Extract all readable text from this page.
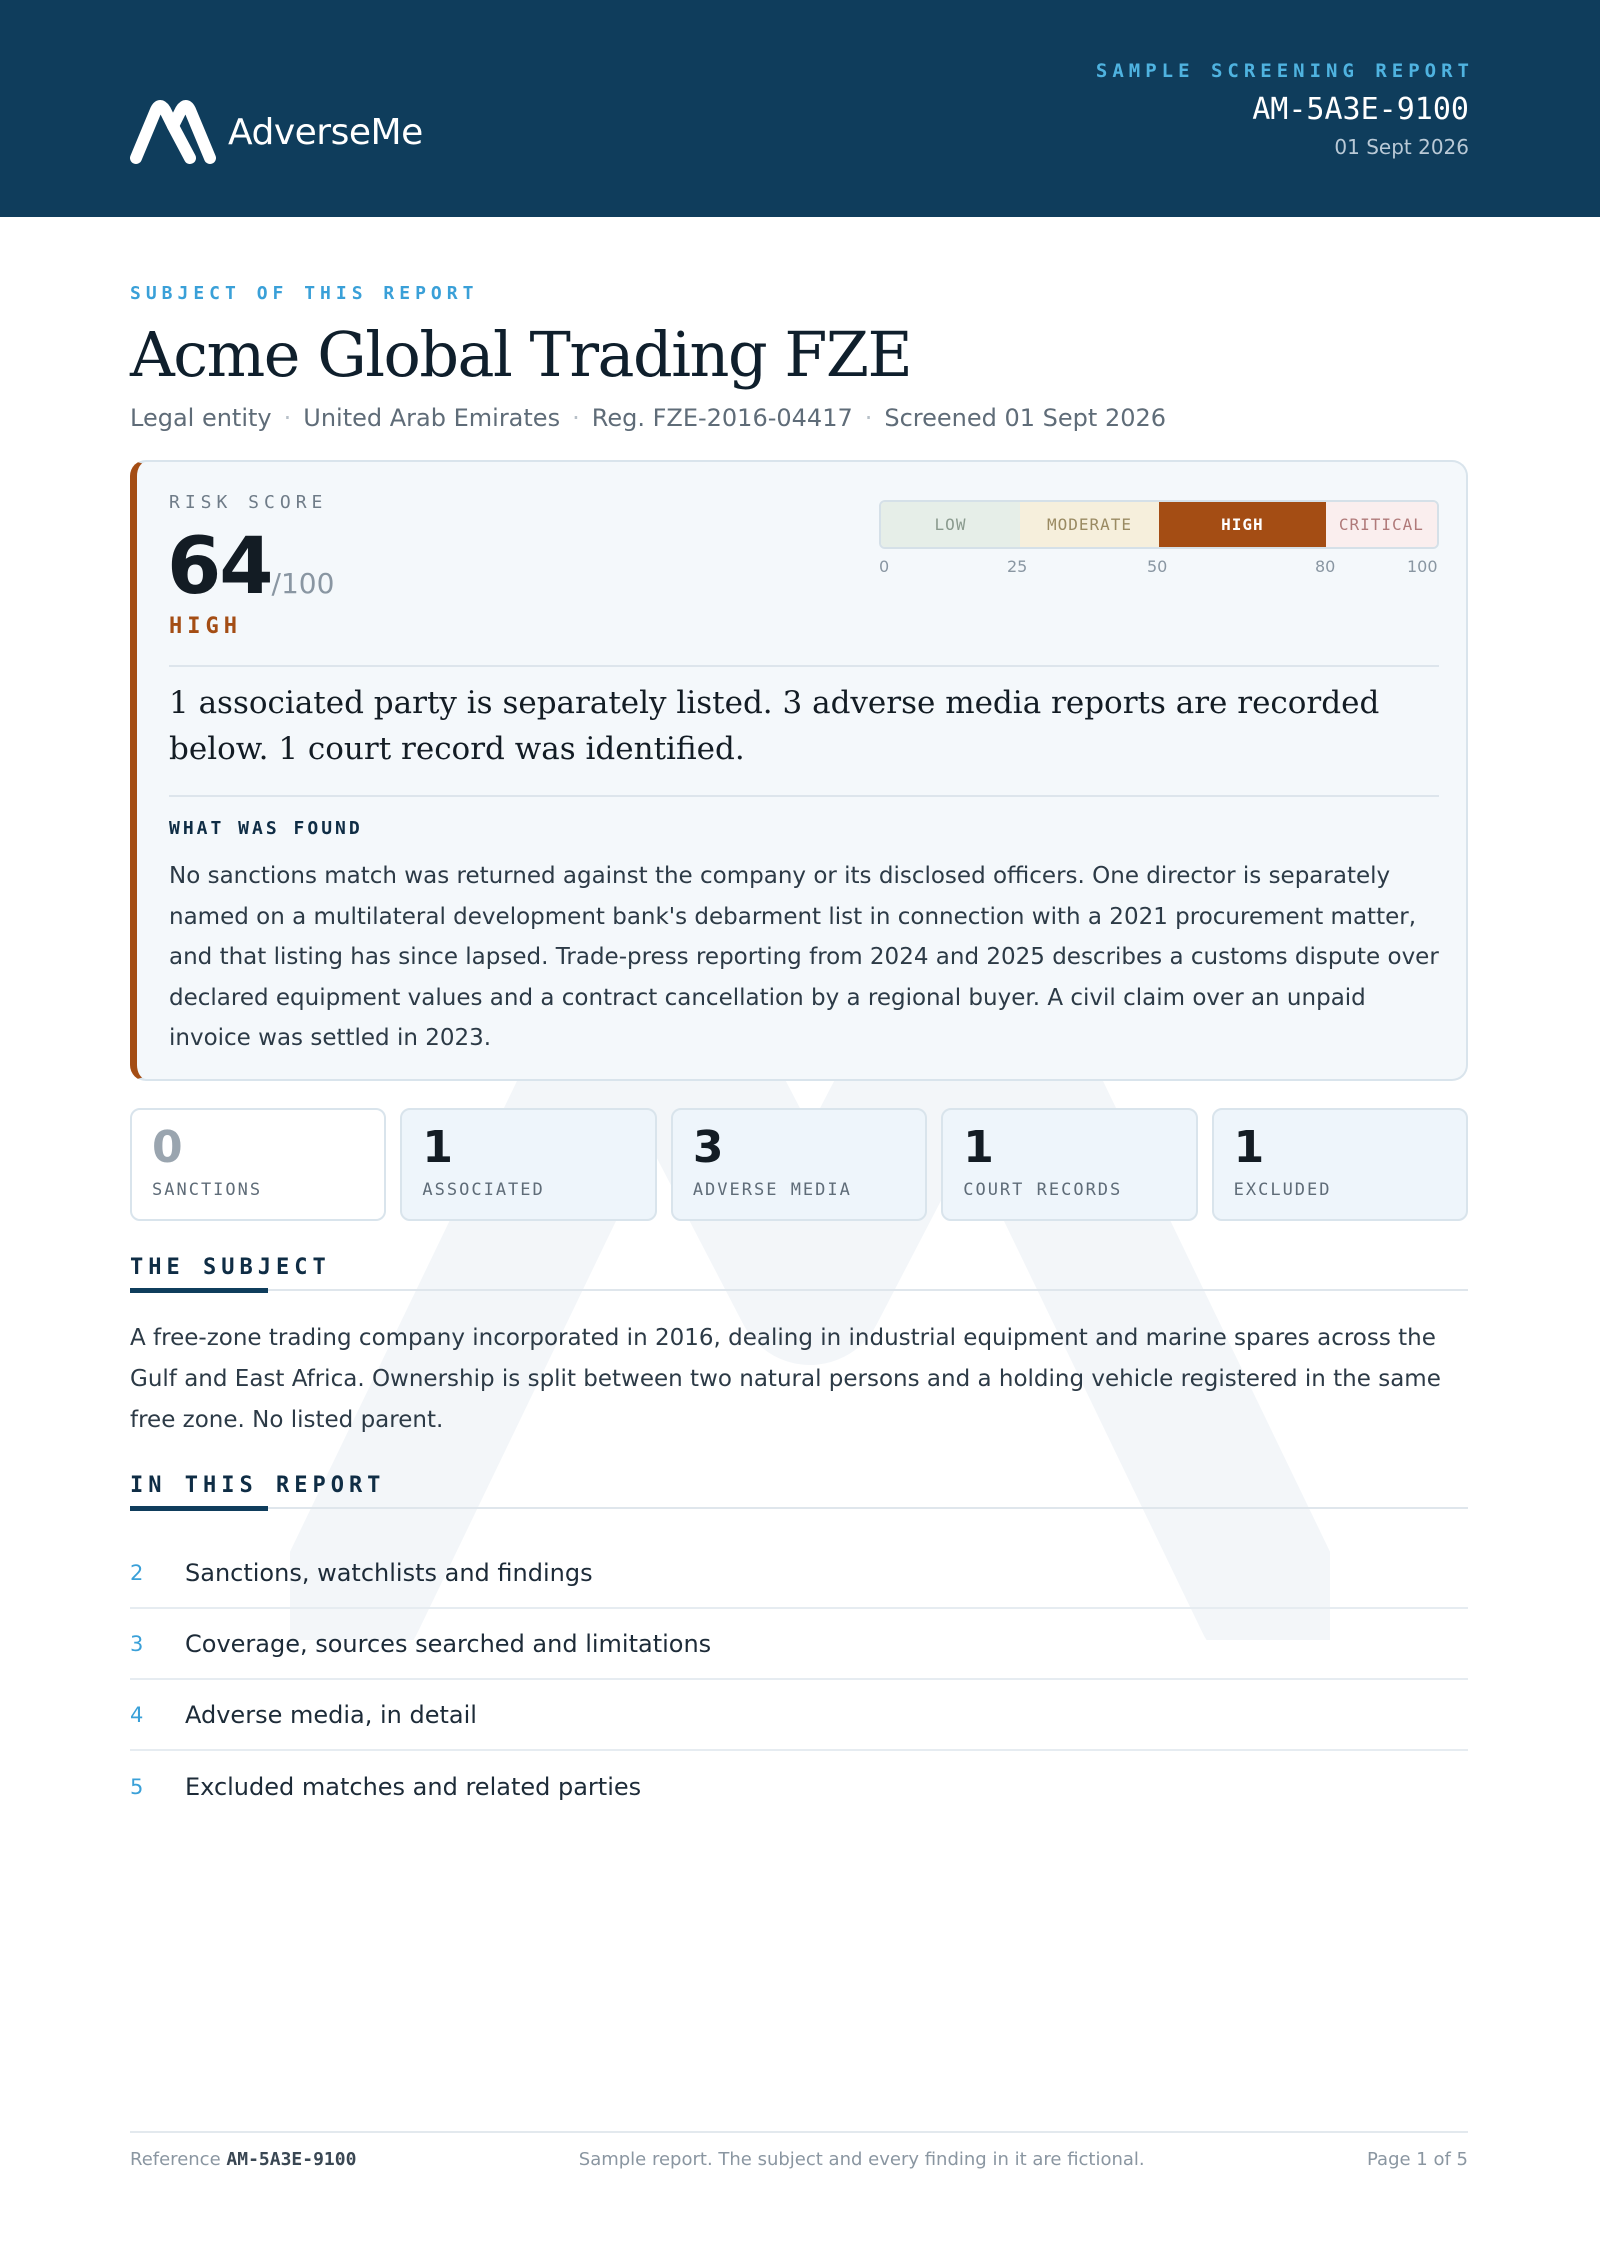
AdverseMe
SAMPLE SCREENING REPORT
AM-5A3E-9100
01 Sept 2026
SUBJECT OF THIS REPORT
Acme Global Trading FZE
Legal entity · United Arab Emirates · Reg. FZE-2016-04417 · Screened 01 Sept 2026
RISK SCORE
64 /100
HIGH
LOW	MODERATE	HIGH	CRITICAL
0	25	50	80	100
1 associated party is separately listed. 3 adverse media reports are recorded below. 1 court record was identified.
WHAT WAS FOUND
No sanctions match was returned against the company or its disclosed officers. One director is separately named on a multilateral development bank's debarment list in connection with a 2021 procurement matter, and that listing has since lapsed. Trade-press reporting from 2024 and 2025 describes a customs dispute over declared equipment values and a contract cancellation by a regional buyer. A civil claim over an unpaid invoice was settled in 2023.
0
SANCTIONS
1
ASSOCIATED
3
ADVERSE MEDIA
1
COURT RECORDS
1
EXCLUDED
THE SUBJECT
A free-zone trading company incorporated in 2016, dealing in industrial equipment and marine spares across the Gulf and East Africa. Ownership is split between two natural persons and a holding vehicle registered in the same free zone. No listed parent.
IN THIS REPORT
2	Sanctions, watchlists and findings
3	Coverage, sources searched and limitations
4	Adverse media, in detail
5	Excluded matches and related parties
Reference AM-5A3E-9100	Sample report. The subject and every finding in it are fictional.	Page 1 of 5
